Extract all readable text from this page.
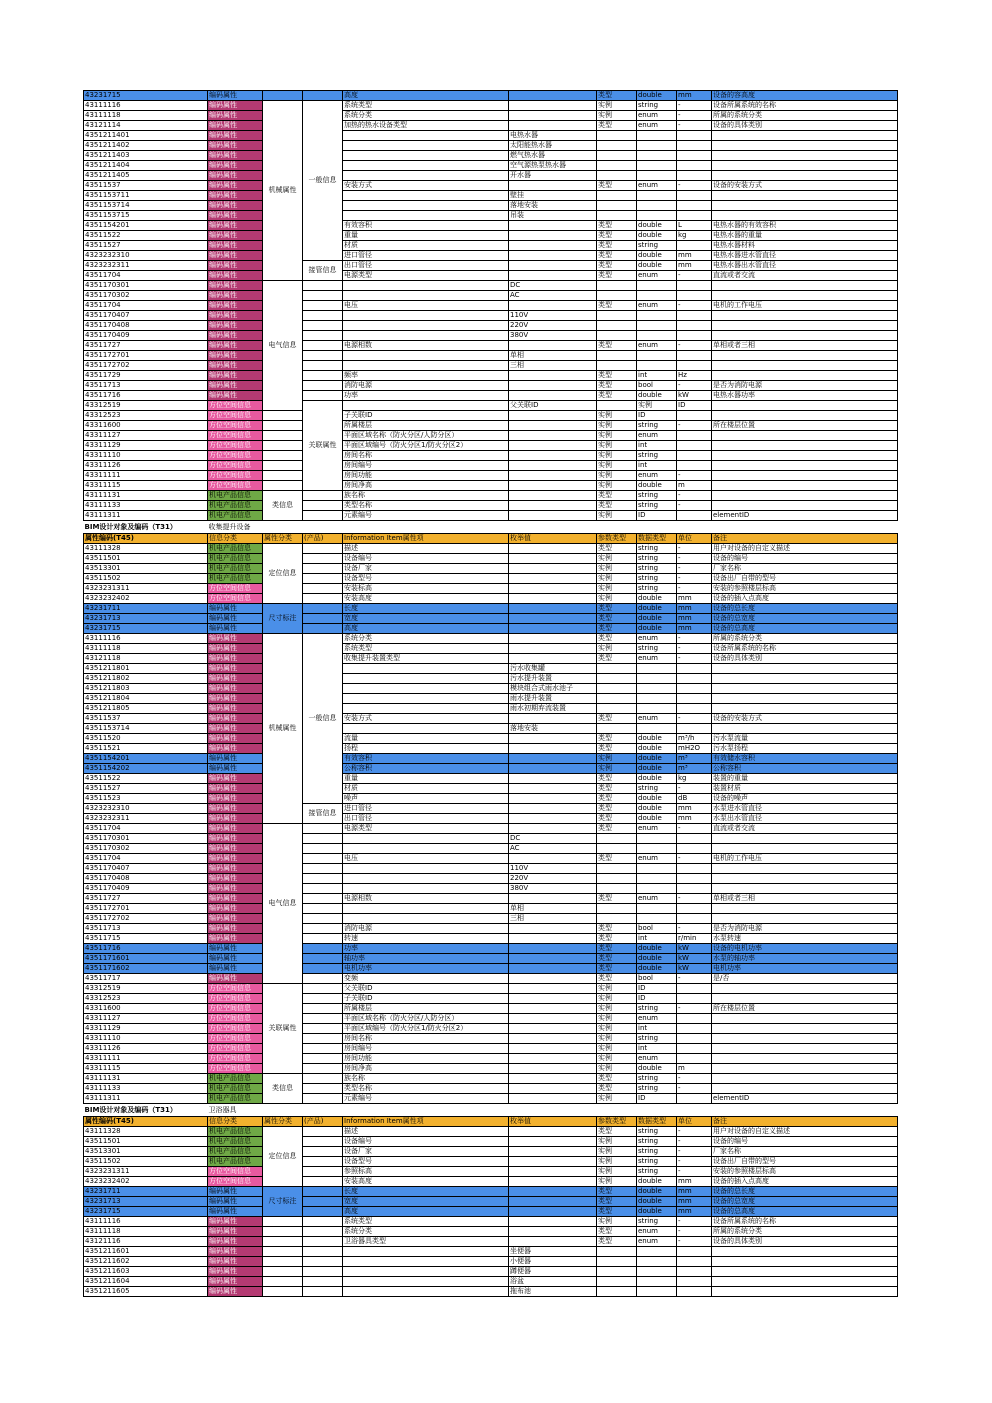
43231715	编码属性			高度		类型	double	mm	设备的容高度	
43111116	编码属性	机械属性	一般信息	系统类型		实例	string	-	设备所属系统的名称	
43111118	编码属性			系统分类		实例	enum	-	所属的系统分类	
43121114	编码属性			加热的热水设备类型		类型	enum	-	设备的具体类别	
4351211401	编码属性				电热水器					
4351211402	编码属性				太阳能热水器					
4351211403	编码属性				燃气热水器					
4351211404	编码属性				空气源热泵热水器					
4351211405	编码属性				开水器					
43511537	编码属性			安装方式		类型	enum	-	设备的安装方式	
4351153711	编码属性				壁挂					
4351153714	编码属性				落地安装					
4351153715	编码属性				吊装					
4351154201	编码属性			有效容积		类型	double	L	电热水器的有效容积	
43511522	编码属性			重量		类型	double	kg	电热水器的重量	
43511527	编码属性			材质		类型	string		电热水器材料	
4323232310	编码属性			进口管径		类型	double	mm	电热水器进水管直径	
4323232311	编码属性		接管信息	出口管径		类型	double	mm	电热水器出水管直径	
43511704	编码属性			电源类型		类型	enum	-	直流或者交流	
4351170301	编码属性	电气信息			DC					
4351170302	编码属性				AC					
43511704	编码属性			电压		类型	enum	-	电机的工作电压	
4351170407	编码属性				110V					
4351170408	编码属性				220V					
4351170409	编码属性				380V					
43511727	编码属性			电源相数		类型	enum	-	单相或者三相	
4351172701	编码属性				单相					
4351172702	编码属性				三相					
43511729	编码属性			频率		类型	int	Hz		
43511713	编码属性			消防电源		类型	bool	-	是否为消防电源	
43511716	编码属性			功率		类型	double	kW	电热水器功率	
43312519	方位空间信息		关联属性		父关联ID		实例	ID		
43312523	方位空间信息			子关联ID		实例	ID			
43311600	方位空间信息			所属楼层		实例	string	-	所在楼层位置	
43311127	方位空间信息			平面区域名称（防火分区/人防分区）		实例	enum			
43311129	方位空间信息			平面区域编号（防火分区1/防火分区2）		实例	int			
43311110	方位空间信息			房间名称		实例	string			
43311126	方位空间信息			房间编号		实例	int			
43311111	方位空间信息			房间功能		实例	enum	-		
43311115	方位空间信息			房间净高		实例	double	m		
43111131	机电产品信息	类信息		族名称		类型	string	-		
43111133	机电产品信息			类型名称		类型	string	-		
43111311	机电产品信息			元素编号		实例	ID		elementID	
BIM设计对象及编码（T31）	收集提升设备								
属性编码(T45)	信息分类	属性分类	(产品)	Information Item属性项	枚举值	参数类型	数据类型	单位	备注
43111328	机电产品信息	定位信息		描述		类型	string	-	用户对设备的自定义描述
43511501	机电产品信息			设备编号		实例	string	-	设备的编号
43513301	机电产品信息			设备厂家		实例	string	-	厂家名称
43511502	机电产品信息			设备型号		实例	string	-	设备出厂自带的型号
4323231311	方位空间信息			安装标高		实例	string	-	安装的参照楼层标高
4323232402	方位空间信息			安装高度		实例	double	mm	设备的插入点高度
43231711	编码属性	尺寸标注		长度		类型	double	mm	设备的总长度
43231713	编码属性			宽度		类型	double	mm	设备的总宽度
43231715	编码属性			高度		类型	double	mm	设备的总高度
43111116	编码属性	机械属性	一般信息	系统分类		类型	enum	-	所属的系统分类
43111118	编码属性			系统类型		实例	string	-	设备所属系统的名称
43121118	编码属性			收集提升装置类型		类型	enum	-	设备的具体类别
4351211801	编码属性				污水收集罐				
4351211802	编码属性				污水提升装置				
4351211803	编码属性				模块组合式雨水池子				
4351211804	编码属性				雨水提升装置				
4351211805	编码属性				雨水初期弃流装置				
43511537	编码属性			安装方式		类型	enum	-	设备的安装方式
4351153714	编码属性				落地安装				
43511520	编码属性			流量		类型	double	m³/h	污水泵流量
43511521	编码属性			扬程		类型	double	mH2O	污水泵扬程
4351154201	编码属性			有效容积		实例	double	m³	有效储水容积
4351154202	编码属性			公称容积		实例	double	m³	公称容积
43511522	编码属性			重量		类型	double	kg	装置的重量
43511527	编码属性			材质		类型	string	-	装置材质
43511523	编码属性			噪声		类型	double	dB	设备的噪声
4323232310	编码属性		接管信息	进口管径		类型	double	mm	水泵进水管直径
4323232311	编码属性			出口管径		类型	double	mm	水泵出水管直径
43511704	编码属性	电气信息		电源类型		类型	enum	-	直流或者交流
4351170301	编码属性				DC				
4351170302	编码属性				AC				
43511704	编码属性			电压		类型	enum	-	电机的工作电压
4351170407	编码属性				110V				
4351170408	编码属性				220V				
4351170409	编码属性				380V				
43511727	编码属性			电源相数		类型	enum	-	单相或者三相
4351172701	编码属性				单相				
4351172702	编码属性				三相				
43511713	编码属性			消防电源		类型	bool	-	是否为消防电源
43511715	编码属性			转速		类型	int	r/min	水泵转速
43511716	编码属性			功率		类型	double	kW	设备的电机功率
4351171601	编码属性			轴功率		类型	double	kW	水泵的轴功率
4351171602	编码属性			电机功率		类型	double	kW	电机功率
43511717	编码属性			变频		类型	bool	-	是/否
43312519	方位空间信息	关联属性		父关联ID		实例	ID		
43312523	方位空间信息			子关联ID		实例	ID		
43311600	方位空间信息			所属楼层		实例	string	-	所在楼层位置
43311127	方位空间信息			平面区域名称（防火分区/人防分区）		实例	enum		
43311129	方位空间信息			平面区域编号（防火分区1/防火分区2）		实例	int		
43311110	方位空间信息			房间名称		实例	string		
43311126	方位空间信息			房间编号		实例	int		
43311111	方位空间信息			房间功能		实例	enum		
43311115	方位空间信息			房间净高		实例	double	m	
43111131	机电产品信息	类信息		族名称		类型	string	-	
43111133	机电产品信息			类型名称		类型	string	-	
43111311	机电产品信息			元素编号		实例	ID		elementID
BIM设计对象及编码（T31）	卫浴器具								
属性编码(T45)	信息分类	属性分类	(产品)	Information Item属性项	枚举值	参数类型	数据类型	单位	备注
43111328	机电产品信息	定位信息		描述		类型	string	-	用户对设备的自定义描述
43511501	机电产品信息			设备编号		实例	string	-	设备的编号
43513301	机电产品信息			设备厂家		实例	string	-	厂家名称
43511502	机电产品信息			设备型号		实例	string	-	设备出厂自带的型号
4323231311	方位空间信息			参照标高		实例	string	-	安装的参照楼层标高
4323232402	方位空间信息			安装高度		实例	double	mm	设备的插入点高度
43231711	编码属性	尺寸标注		长度		类型	double	mm	设备的总长度
43231713	编码属性			宽度		类型	double	mm	设备的总宽度
43231715	编码属性			高度		类型	double	mm	设备的总高度
43111116	编码属性			系统类型		实例	string	-	设备所属系统的名称
43111118	编码属性			系统分类		类型	enum	-	所属的系统分类
43121116	编码属性			卫浴器具类型		类型	enum	-	设备的具体类别
4351211601	编码属性				坐便器				
4351211602	编码属性				小便器				
4351211603	编码属性				蹲便器				
4351211604	编码属性				浴盆				
4351211605	编码属性				拖布池				
